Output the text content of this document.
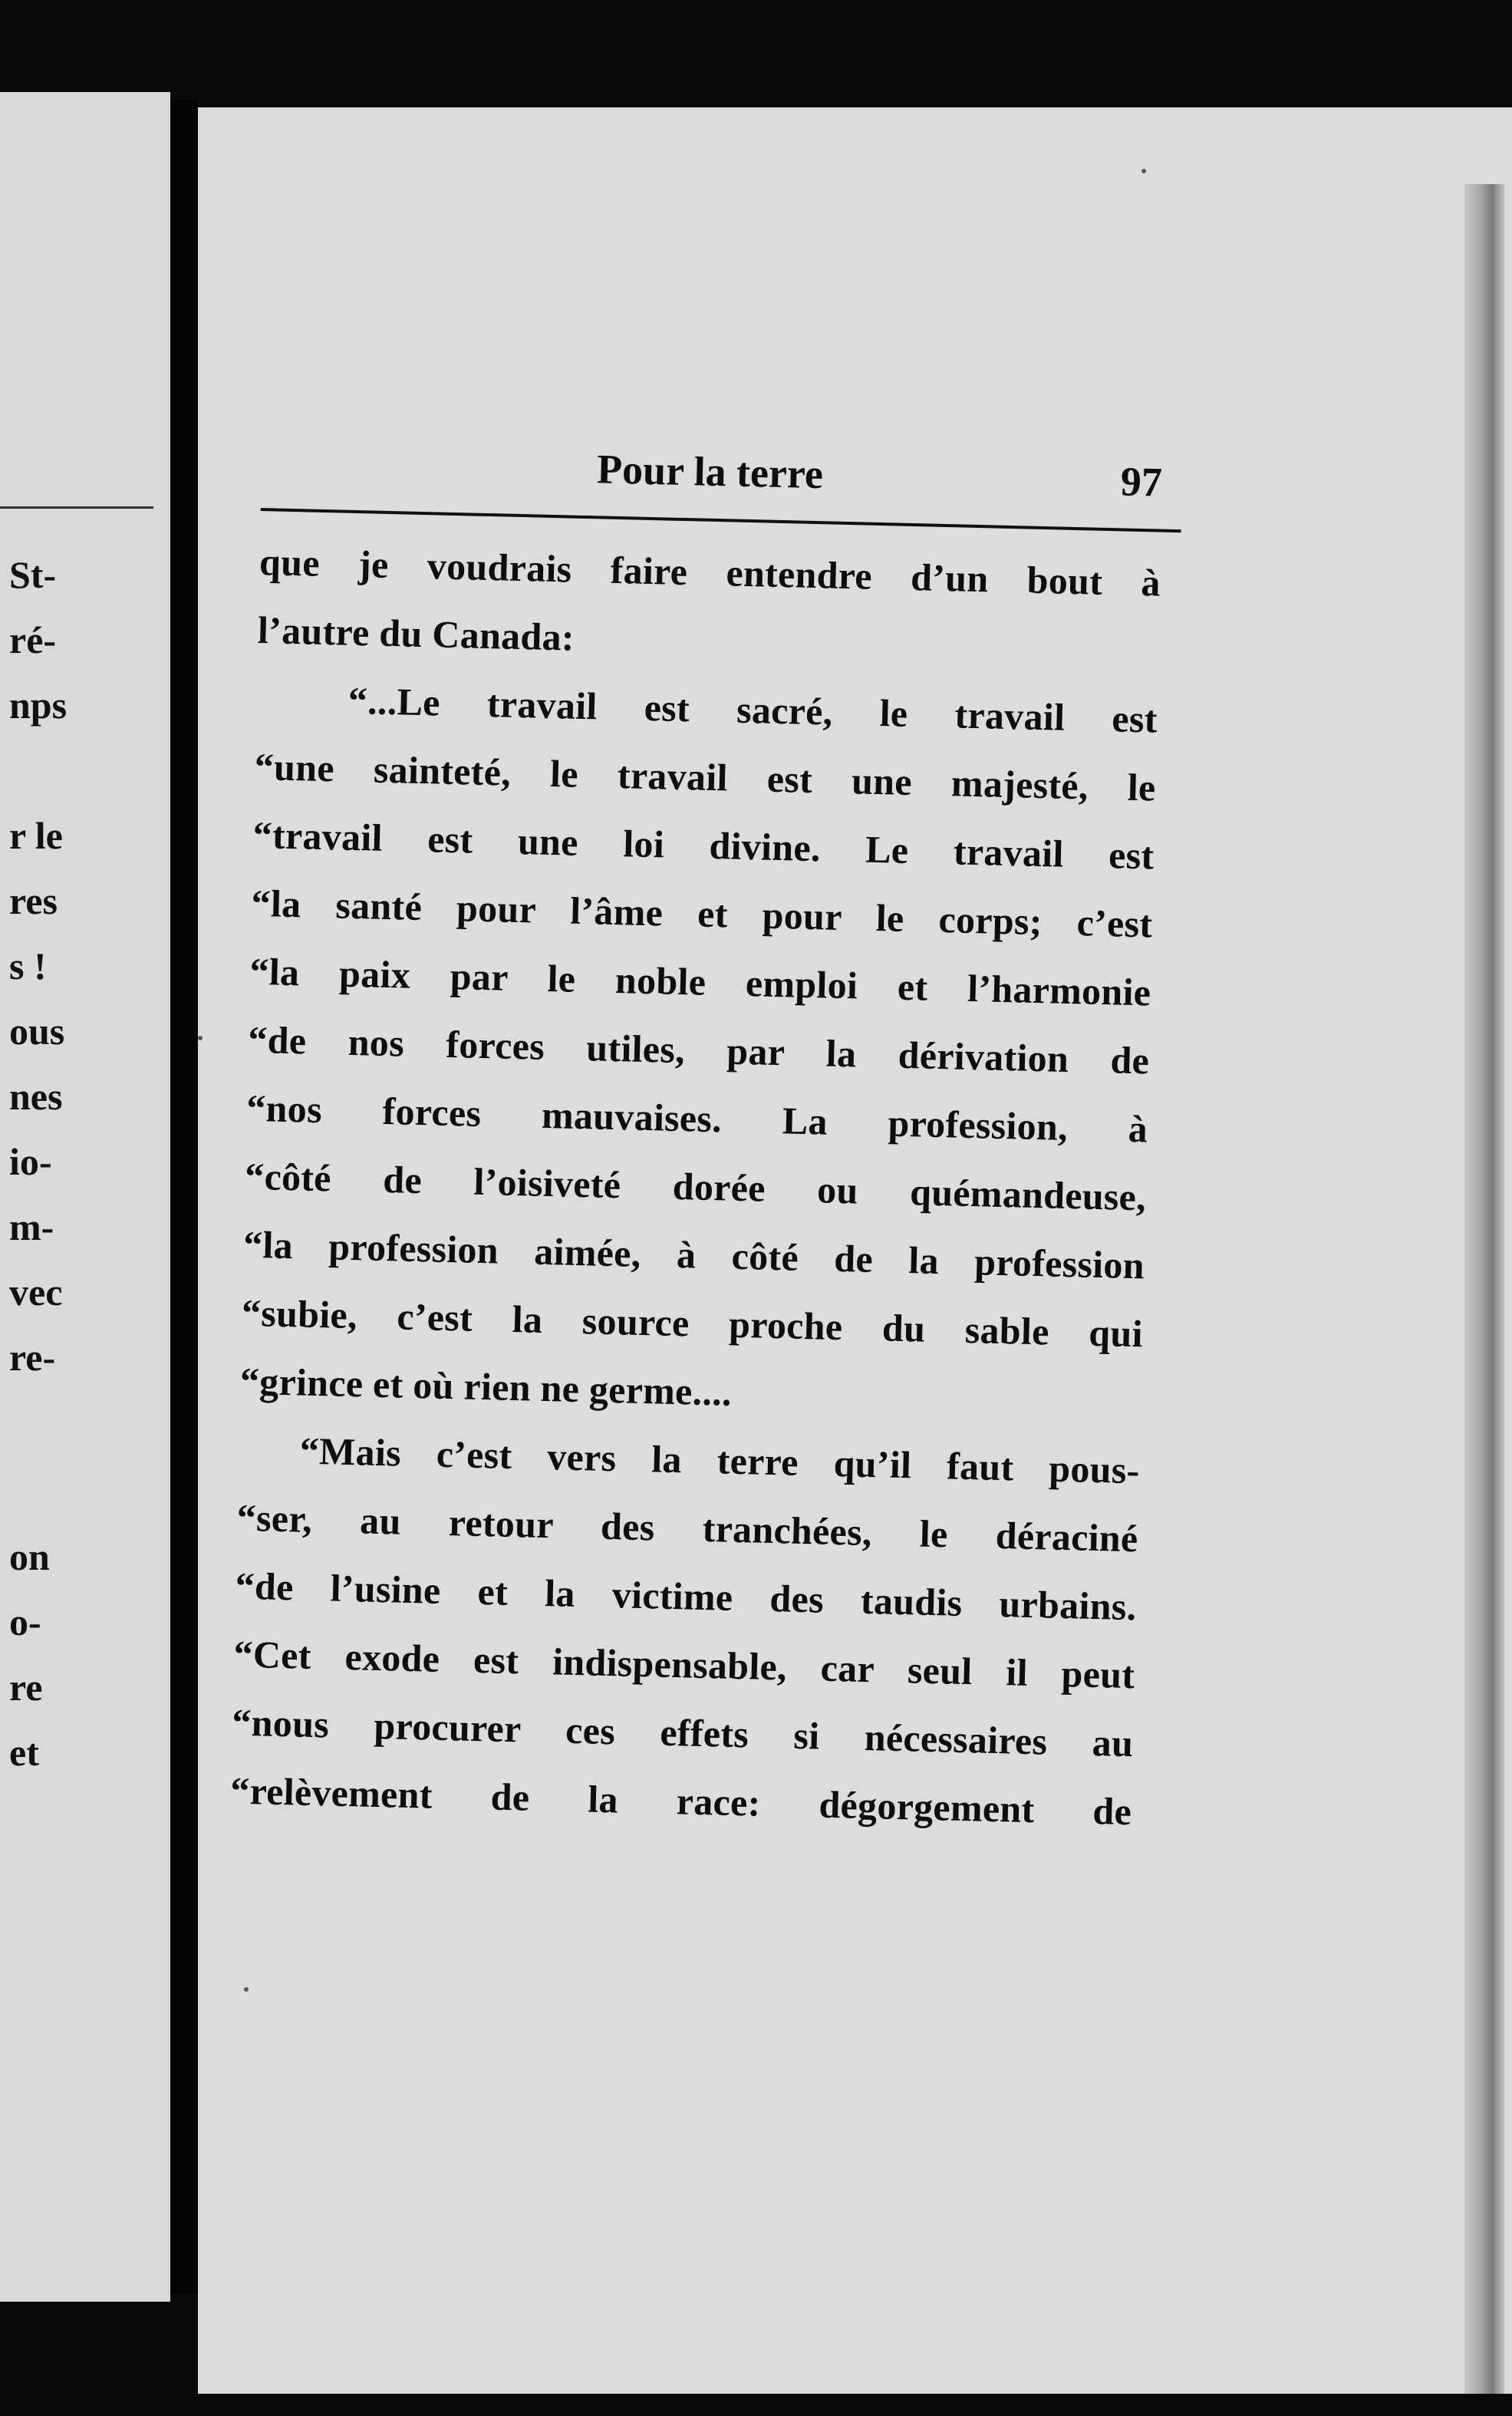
St-
ré-
nps
r le
res
s !
ous
nes
io-
m-
vec
re-
on
o-
re
et
Pour la terre	97
que je voudrais faire entendre d’un bout à
l’autre du Canada:
“...Le travail est sacré, le travail est
“une sainteté, le travail est une majesté, le
“travail est une loi divine. Le travail est
“la santé pour l’âme et pour le corps; c’est
“la paix par le noble emploi et l’harmonie
“de nos forces utiles, par la dérivation de
“nos forces mauvaises. La profession, à
“côté de l’oisiveté dorée ou quémandeuse,
“la profession aimée, à côté de la profession
“subie, c’est la source proche du sable qui
“grince et où rien ne germe....
“Mais c’est vers la terre qu’il faut pous-
“ser, au retour des tranchées, le déraciné
“de l’usine et la victime des taudis urbains.
“Cet exode est indispensable, car seul il peut
“nous procurer ces effets si nécessaires au
“relèvement de la race: dégorgement de
